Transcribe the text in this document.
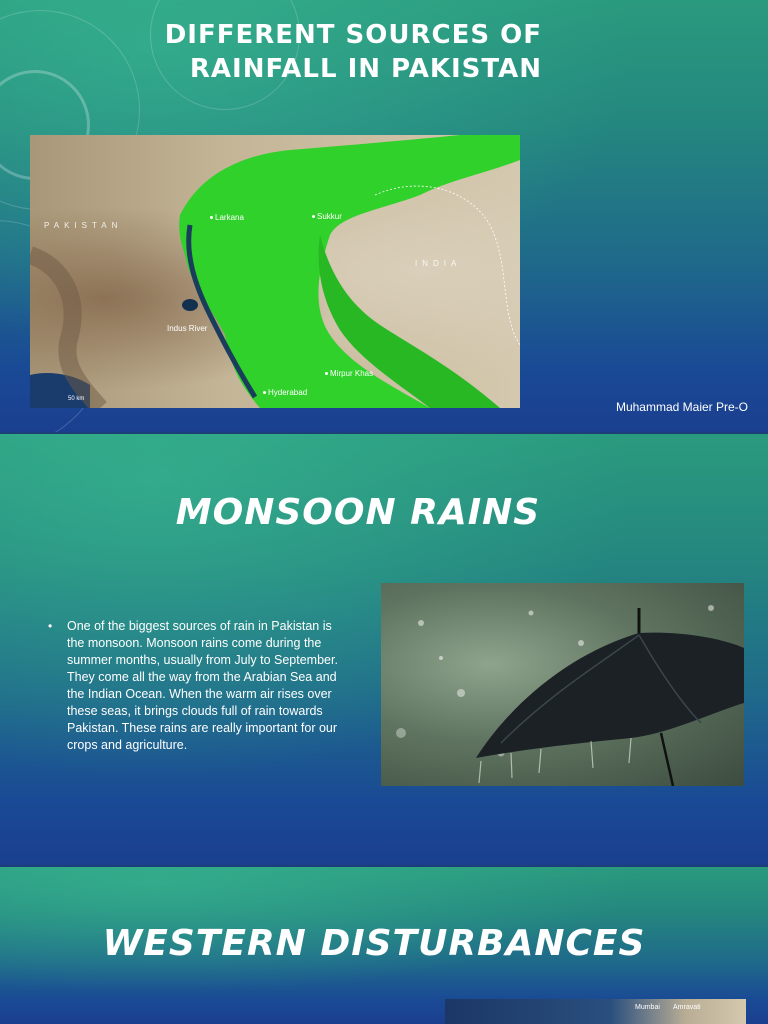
DIFFERENT SOURCES OF RAINFALL IN PAKISTAN
PAKISTAN
INDIA
Larkana	Sukkur
Indus River
Mirpur Khas
Hyderabad
50 km
Muhammad Maier Pre-O
MONSOON RAINS
•	One of the biggest sources of rain in Pakistan is the monsoon. Monsoon rains come during the summer months, usually from July to September. They come all the way from the Arabian Sea and the Indian Ocean. When the warm air rises over these seas, it brings clouds full of rain towards Pakistan. These rains are really important for our crops and agriculture.

WESTERN DISTURBANCES
Mumbai Amravati
